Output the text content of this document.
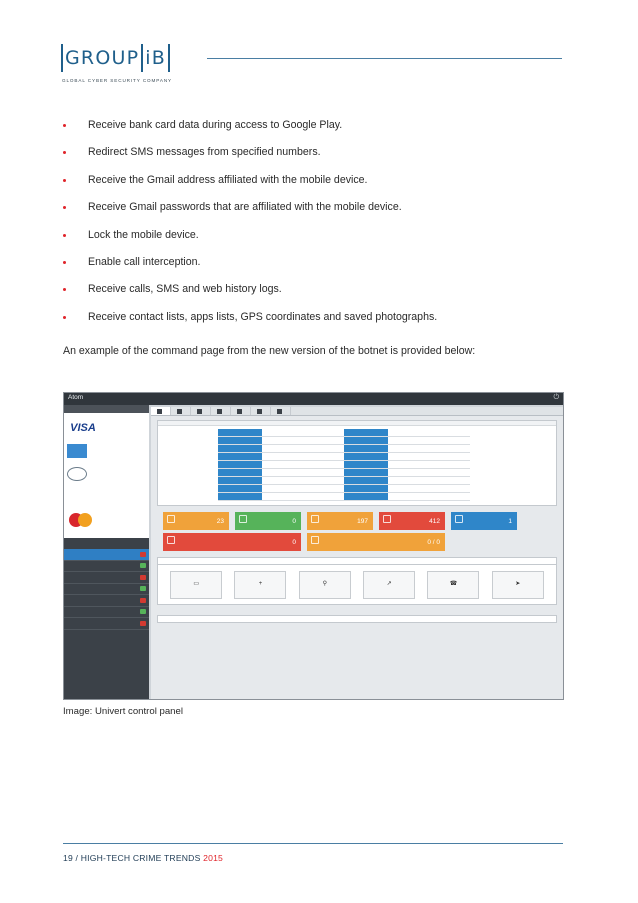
GROUP iB
GLOBAL CYBER SECURITY COMPANY
Receive bank card data during access to Google Play.
Redirect SMS messages from specified numbers.
Receive the Gmail address affiliated with the mobile device.
Receive Gmail passwords that are affiliated with the mobile device.
Lock the mobile device.
Enable call interception.
Receive calls, SMS and web history logs.
Receive contact lists, apps lists, GPS coordinates and saved photographs.
An example of the command page from the new version of the botnet is provided below:
Atom	⏻
VISA
23	0	197	412	1
0	0 / 0
▭	+	⚲	↗	☎	➤
Image: Univert control panel
19 / HIGH-TECH CRIME TRENDS 2015
